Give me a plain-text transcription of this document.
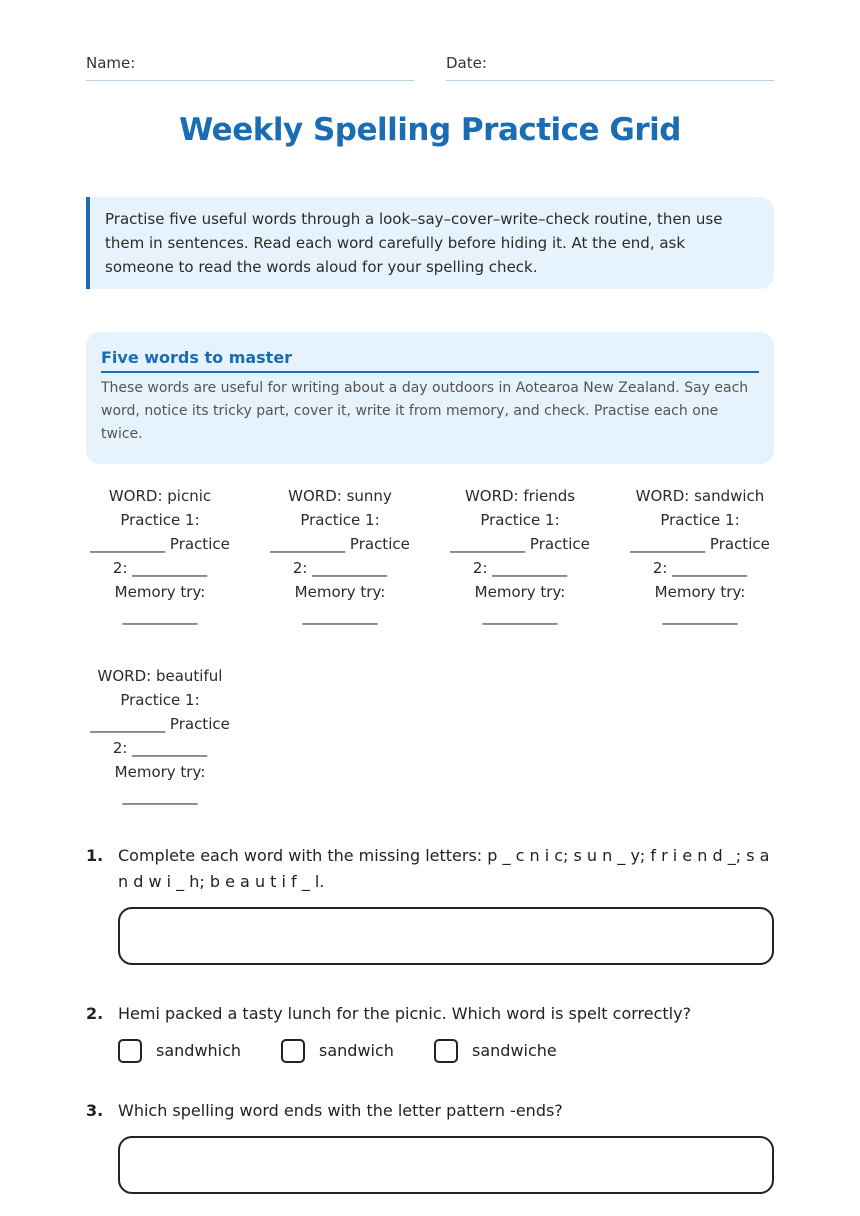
Name:	Date:
Weekly Spelling Practice Grid
Practise five useful words through a look–say–cover–write–check routine, then use them in sentences. Read each word carefully before hiding it. At the end, ask someone to read the words aloud for your spelling check.
Five words to master
These words are useful for writing about a day outdoors in Aotearoa New Zealand. Say each word, notice its tricky part, cover it, write it from memory, and check. Practise each one twice.
WORD: picnic
Practice 1:
__________ Practice
2: __________
Memory try:
__________
WORD: sunny
Practice 1:
__________ Practice
2: __________
Memory try:
__________
WORD: friends
Practice 1:
__________ Practice
2: __________
Memory try:
__________
WORD: sandwich
Practice 1:
__________ Practice
2: __________
Memory try:
__________
WORD: beautiful
Practice 1:
__________ Practice
2: __________
Memory try:
__________
1. Complete each word with the missing letters: p _ c n i c; s u n _ y; f r i e n d _; s a n d w i _ h; b e a u t i f _ l.
2. Hemi packed a tasty lunch for the picnic. Which word is spelt correctly?
sandwhich	sandwich	sandwiche
3. Which spelling word ends with the letter pattern -ends?
